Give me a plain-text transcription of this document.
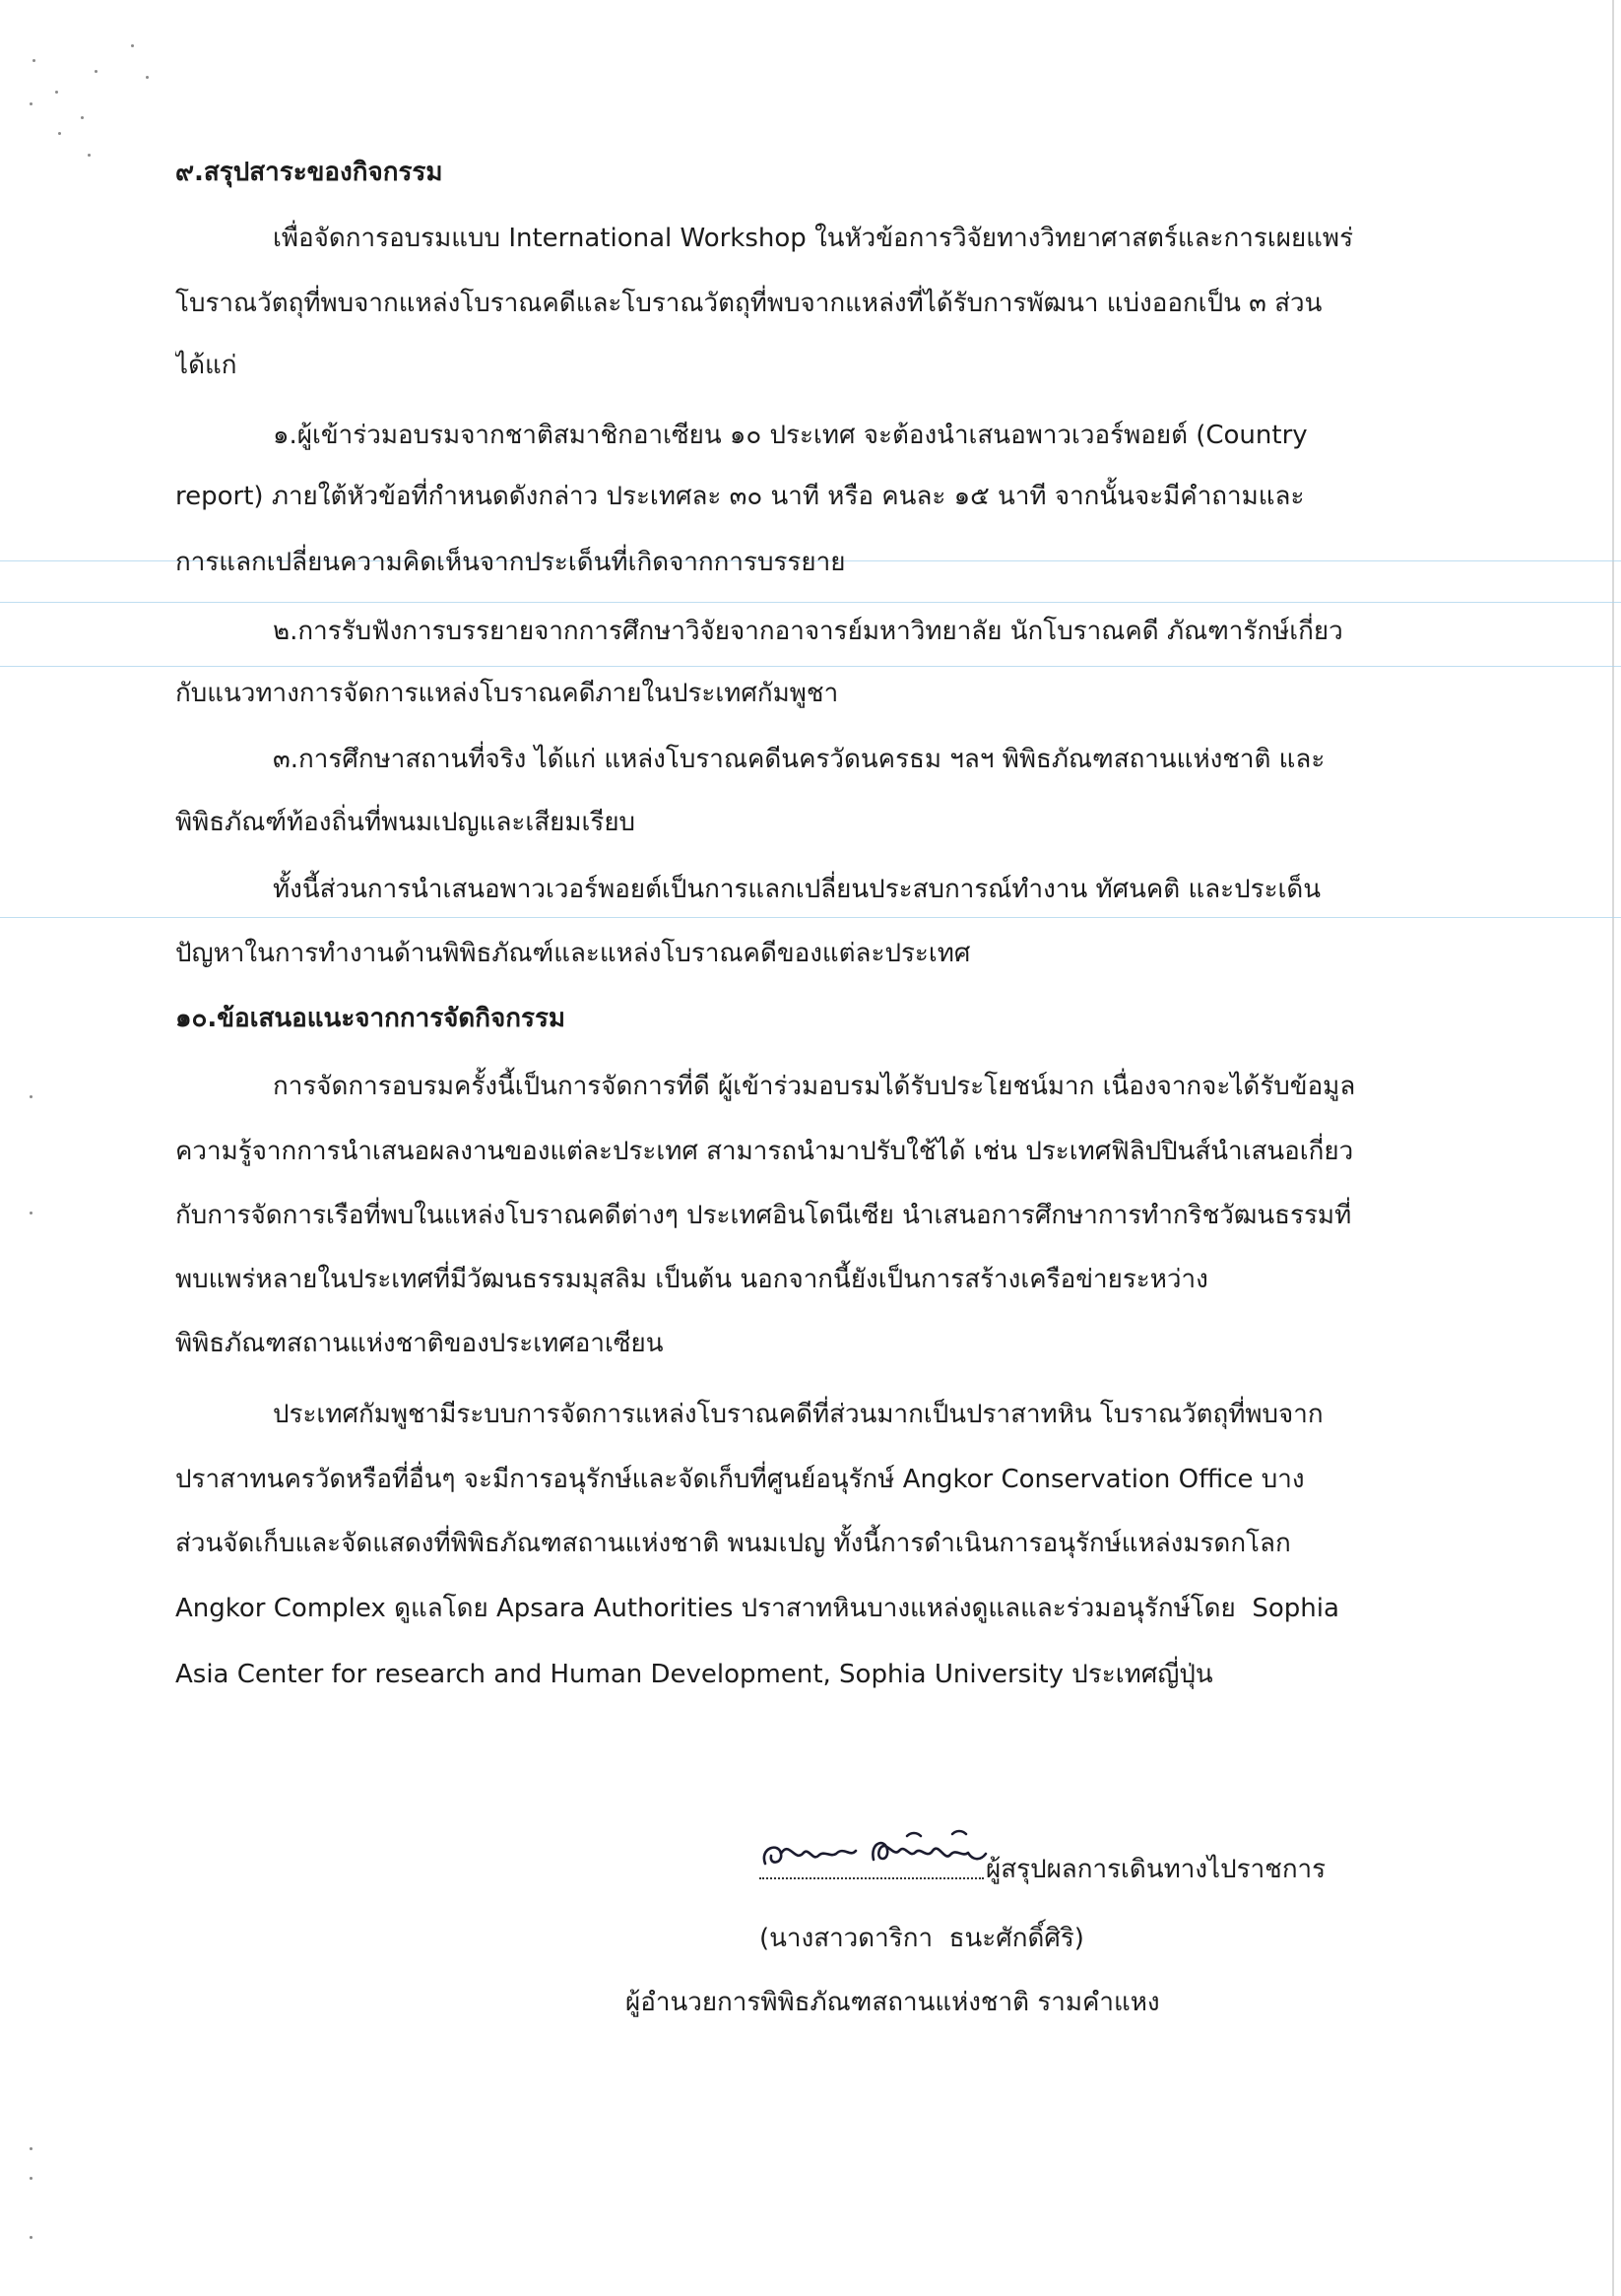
๙.สรุปสาระของกิจกรรม
เพื่อจัดการอบรมแบบ International Workshop ในหัวข้อการวิจัยทางวิทยาศาสตร์และการเผยแพร่
โบราณวัตถุที่พบจากแหล่งโบราณคดีและโบราณวัตถุที่พบจากแหล่งที่ได้รับการพัฒนา แบ่งออกเป็น ๓ ส่วน
ได้แก่
๑.ผู้เข้าร่วมอบรมจากชาติสมาชิกอาเซียน ๑๐ ประเทศ จะต้องนำเสนอพาวเวอร์พอยต์ (Country
report) ภายใต้หัวข้อที่กำหนดดังกล่าว ประเทศละ ๓๐ นาที หรือ คนละ ๑๕ นาที จากนั้นจะมีคำถามและ
การแลกเปลี่ยนความคิดเห็นจากประเด็นที่เกิดจากการบรรยาย
๒.การรับฟังการบรรยายจากการศึกษาวิจัยจากอาจารย์มหาวิทยาลัย นักโบราณคดี ภัณฑารักษ์เกี่ยว
กับแนวทางการจัดการแหล่งโบราณคดีภายในประเทศกัมพูชา
๓.การศึกษาสถานที่จริง ได้แก่ แหล่งโบราณคดีนครวัดนครธม ฯลฯ พิพิธภัณฑสถานแห่งชาติ และ
พิพิธภัณฑ์ท้องถิ่นที่พนมเปญและเสียมเรียบ
ทั้งนี้ส่วนการนำเสนอพาวเวอร์พอยต์เป็นการแลกเปลี่ยนประสบการณ์ทำงาน ทัศนคติ และประเด็น
ปัญหาในการทำงานด้านพิพิธภัณฑ์และแหล่งโบราณคดีของแต่ละประเทศ
๑๐.ข้อเสนอแนะจากการจัดกิจกรรม
การจัดการอบรมครั้งนี้เป็นการจัดการที่ดี ผู้เข้าร่วมอบรมได้รับประโยชน์มาก เนื่องจากจะได้รับข้อมูล
ความรู้จากการนำเสนอผลงานของแต่ละประเทศ สามารถนำมาปรับใช้ได้ เช่น ประเทศฟิลิปปินส์นำเสนอเกี่ยว
กับการจัดการเรือที่พบในแหล่งโบราณคดีต่างๆ ประเทศอินโดนีเซีย นำเสนอการศึกษาการทำกริชวัฒนธรรมที่
พบแพร่หลายในประเทศที่มีวัฒนธรรมมุสลิม เป็นต้น นอกจากนี้ยังเป็นการสร้างเครือข่ายระหว่าง
พิพิธภัณฑสถานแห่งชาติของประเทศอาเซียน
ประเทศกัมพูชามีระบบการจัดการแหล่งโบราณคดีที่ส่วนมากเป็นปราสาทหิน โบราณวัตถุที่พบจาก
ปราสาทนครวัดหรือที่อื่นๆ จะมีการอนุรักษ์และจัดเก็บที่ศูนย์อนุรักษ์ Angkor Conservation Office บาง
ส่วนจัดเก็บและจัดแสดงที่พิพิธภัณฑสถานแห่งชาติ พนมเปญ ทั้งนี้การดำเนินการอนุรักษ์แหล่งมรดกโลก
Angkor Complex ดูแลโดย Apsara Authorities ปราสาทหินบางแหล่งดูแลและร่วมอนุรักษ์โดย  Sophia
Asia Center for research and Human Development, Sophia University ประเทศญี่ปุ่น
ผู้สรุปผลการเดินทางไปราชการ
(นางสาวดาริกา  ธนะศักดิ์ศิริ)
ผู้อำนวยการพิพิธภัณฑสถานแห่งชาติ รามคำแหง
